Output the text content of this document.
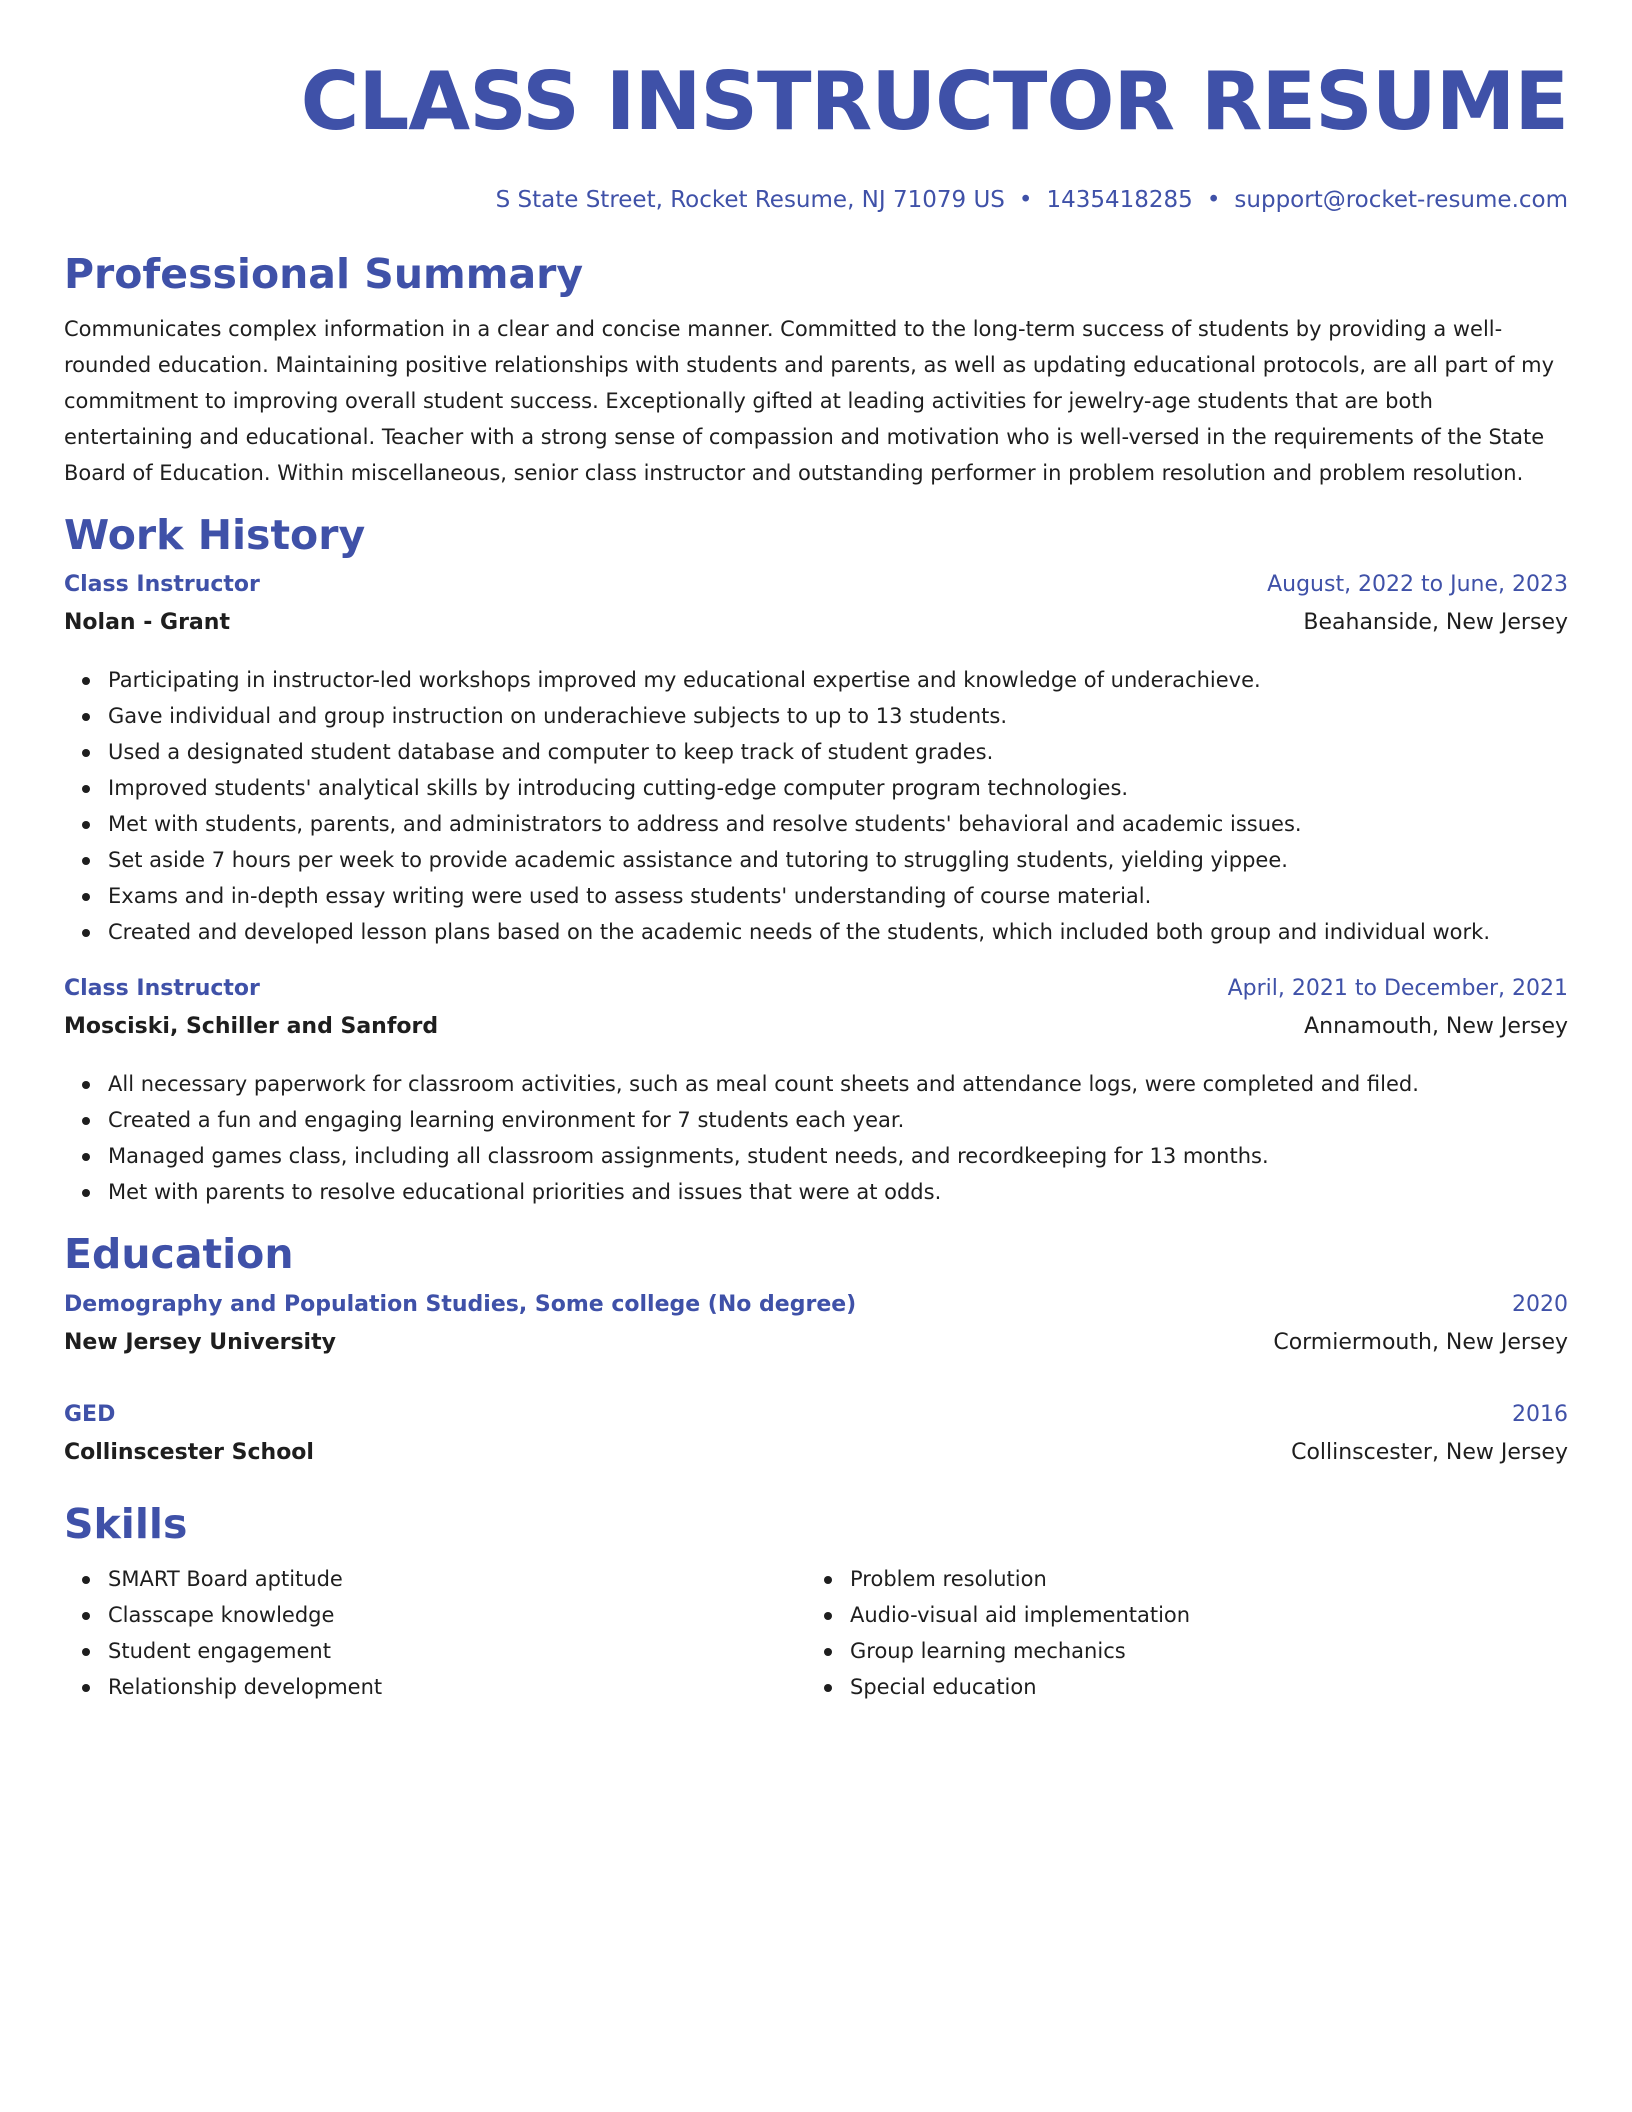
CLASS INSTRUCTOR RESUME
S State Street, Rocket Resume, NJ 71079 US • 1435418285 • support@rocket-resume.com
Professional Summary

Communicates complex information in a clear and concise manner. Committed to the long-term success of students by providing a well-rounded education. Maintaining positive relationships with students and parents, as well as updating educational protocols, are all part of my commitment to improving overall student success. Exceptionally gifted at leading activities for jewelry-age students that are both entertaining and educational. Teacher with a strong sense of compassion and motivation who is well-versed in the requirements of the State Board of Education. Within miscellaneous, senior class instructor and outstanding performer in problem resolution and problem resolution.

Work History
Class Instructor	August, 2022 to June, 2023
Nolan - Grant	Beahanside, New Jersey
Participating in instructor-led workshops improved my educational expertise and knowledge of underachieve.
Gave individual and group instruction on underachieve subjects to up to 13 students.
Used a designated student database and computer to keep track of student grades.
Improved students' analytical skills by introducing cutting-edge computer program technologies.
Met with students, parents, and administrators to address and resolve students' behavioral and academic issues.
Set aside 7 hours per week to provide academic assistance and tutoring to struggling students, yielding yippee.
Exams and in-depth essay writing were used to assess students' understanding of course material.
Created and developed lesson plans based on the academic needs of the students, which included both group and individual work.
Class Instructor	April, 2021 to December, 2021
Mosciski, Schiller and Sanford	Annamouth, New Jersey
All necessary paperwork for classroom activities, such as meal count sheets and attendance logs, were completed and filed.
Created a fun and engaging learning environment for 7 students each year.
Managed games class, including all classroom assignments, student needs, and recordkeeping for 13 months.
Met with parents to resolve educational priorities and issues that were at odds.
Education
Demography and Population Studies, Some college (No degree)	2020
New Jersey University	Cormiermouth, New Jersey
GED	2016
Collinscester School	Collinscester, New Jersey
Skills
SMART Board aptitude
Classcape knowledge
Student engagement
Relationship development
Problem resolution
Audio-visual aid implementation
Group learning mechanics
Special education
